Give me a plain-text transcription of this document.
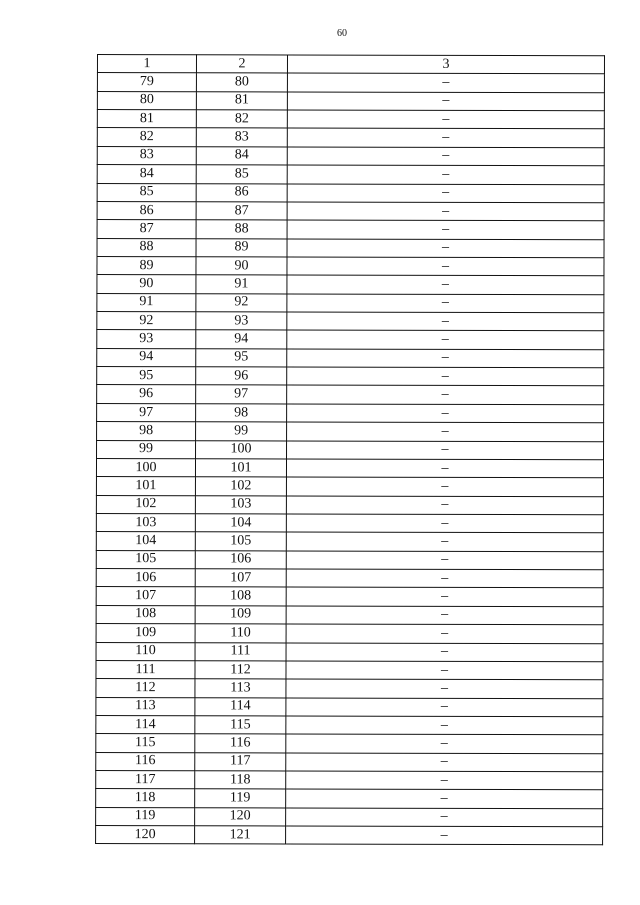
60
1	2	3
79	80	–
80	81	–
81	82	–
82	83	–
83	84	–
84	85	–
85	86	–
86	87	–
87	88	–
88	89	–
89	90	–
90	91	–
91	92	–
92	93	–
93	94	–
94	95	–
95	96	–
96	97	–
97	98	–
98	99	–
99	100	–
100	101	–
101	102	–
102	103	–
103	104	–
104	105	–
105	106	–
106	107	–
107	108	–
108	109	–
109	110	–
110	111	–
111	112	–
112	113	–
113	114	–
114	115	–
115	116	–
116	117	–
117	118	–
118	119	–
119	120	–
120	121	–
